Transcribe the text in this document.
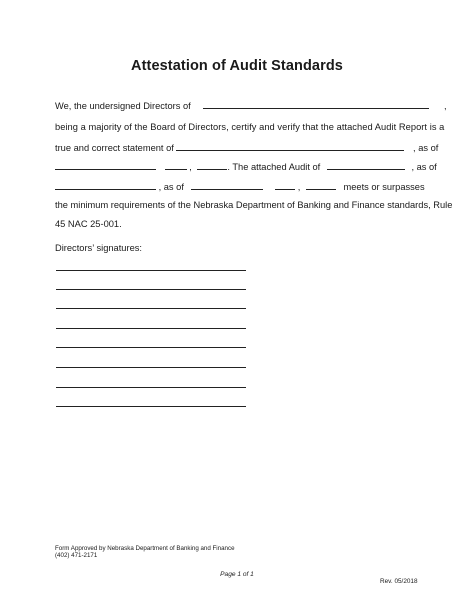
Attestation of Audit Standards
We, the undersigned Directors of	,
being a majority of the Board of Directors, certify and verify that the attached Audit Report is a
true and correct statement of	, as of
,	. The attached Audit of	, as of
, as of	,	meets or surpasses
the minimum requirements of the Nebraska Department of Banking and Finance standards, Rule
45 NAC 25-001.
Directors’ signatures:
Form Approved by Nebraska Department of Banking and Finance
(402) 471-2171
Page 1 of 1
Rev. 05/2018
